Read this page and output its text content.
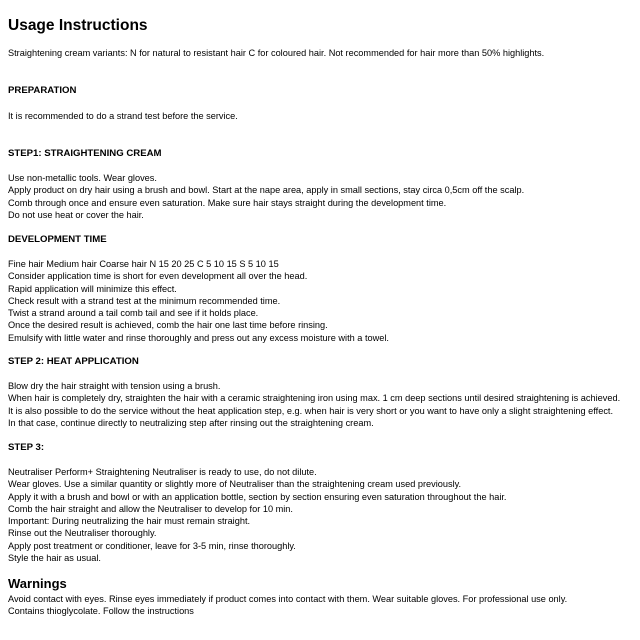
Usage Instructions
Straightening cream variants: N for natural to resistant hair C for coloured hair. Not recommended for hair more than 50% highlights.
PREPARATION
It is recommended to do a strand test before the service.
STEP1: STRAIGHTENING CREAM
Use non-metallic tools. Wear gloves.
Apply product on dry hair using a brush and bowl. Start at the nape area, apply in small sections, stay circa 0,5cm off the scalp.
Comb through once and ensure even saturation. Make sure hair stays straight during the development time.
Do not use heat or cover the hair.
DEVELOPMENT TIME
Fine hair Medium hair Coarse hair N 15 20 25 C 5 10 15 S 5 10 15
Consider application time is short for even development all over the head.
Rapid application will minimize this effect.
Check result with a strand test at the minimum recommended time.
Twist a strand around a tail comb tail and see if it holds place.
Once the desired result is achieved, comb the hair one last time before rinsing.
Emulsify with little water and rinse thoroughly and press out any excess moisture with a towel.
STEP 2: HEAT APPLICATION
Blow dry the hair straight with tension using a brush.
When hair is completely dry, straighten the hair with a ceramic straightening iron using max. 1 cm deep sections until desired straightening is achieved.
It is also possible to do the service without the heat application step, e.g. when hair is very short or you want to have only a slight straightening effect.
In that case, continue directly to neutralizing step after rinsing out the straightening cream.
STEP 3:
Neutraliser Perform+ Straightening Neutraliser is ready to use, do not dilute.
Wear gloves. Use a similar quantity or slightly more of Neutraliser than the straightening cream used previously.
Apply it with a brush and bowl or with an application bottle, section by section ensuring even saturation throughout the hair.
Comb the hair straight and allow the Neutraliser to develop for 10 min.
Important: During neutralizing the hair must remain straight.
Rinse out the Neutraliser thoroughly.
Apply post treatment or conditioner, leave for 3-5 min, rinse thoroughly.
Style the hair as usual.
Warnings
Avoid contact with eyes. Rinse eyes immediately if product comes into contact with them. Wear suitable gloves. For professional use only. Contains thioglycolate. Follow the instructions
